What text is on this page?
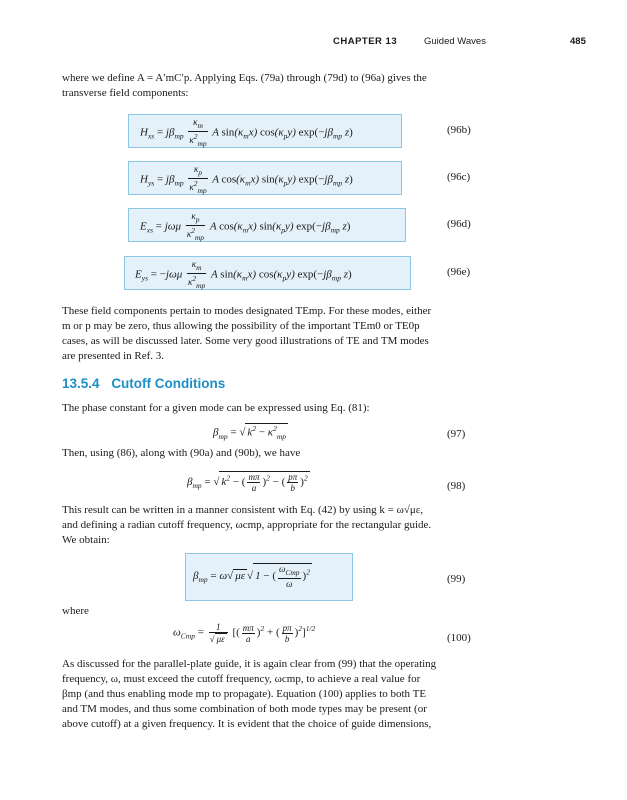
CHAPTER 13	Guided Waves	485
where we define A = A′mC′p. Applying Eqs. (79a) through (79d) to (96a) gives the
transverse field components:
$H_{xs} = j\beta_{mp} \frac{\kappa_m}{\kappa^2_{mp}}$ A $\sin(\kappa_mx)$ $\cos(\kappa_py)$ $\exp(-j\beta_{mp}$ z)	(96b)
$H_{ys} = j\beta_{mp} \frac{\kappa_p}{\kappa^2_{mp}}$ A $\cos(\kappa_mx)$ $\sin(\kappa_py)$ $\exp(-j\beta_{mp}$ z)	(96c)
$E_{xs} = j\omega\mu \frac{\kappa_p}{\kappa^2_{mp}}$ A $\cos(\kappa_mx)$ $\sin(\kappa_py)$ $\exp(-j\beta_{mp}$ z)	(96d)
$E_{ys} = -j\omega\mu \frac{\kappa_m}{\kappa^2_{mp}}$ A $\sin(\kappa_mx)$ $\cos(\kappa_py)$ $\exp(-j\beta_{mp}$ z)	(96e)
These field components pertain to modes designated TEmp. For these modes, either
m or p may be zero, thus allowing the possibility of the important TEm0 or TE0p
cases, as will be discussed later. Some very good illustrations of TE and TM modes
are presented in Ref. 3.
13.5.4 Cutoff Conditions
The phase constant for a given mode can be expressed using Eq. (81):
$\beta_{mp}$ = √ $k^2 - \kappa^2_{mp}$	(97)
Then, using (86), along with (90a) and (90b), we have
$\beta_{mp}$ = √ $k^2$ − ( $\frac{m\pi}{a} )^2$ − ( $\frac{p\pi}{b} )^2$
(98)
This result can be written in a manner consistent with Eq. (42) by using k = ω√με,
and defining a radian cutoff frequency, ωcmp, appropriate for the rectangular guide.
We obtain:
$\beta_{mp} = \omega√$ με √ 1 − ( $\frac{\omega_{Cmp}}{\omega} )^2$
(99)
where
$\omega_{Cmp} = \frac{1}{√ \mu\varepsilon}$ [( $\frac{m\pi}{a} )^2$ + ( $\frac{p\pi}{b} )^2]^{1/2}$
(100)
As discussed for the parallel-plate guide, it is again clear from (99) that the operating
frequency, ω, must exceed the cutoff frequency, ωcmp, to achieve a real value for
βmp (and thus enabling mode mp to propagate). Equation (100) applies to both TE
and TM modes, and thus some combination of both mode types may be present (or
above cutoff) at a given frequency. It is evident that the choice of guide dimensions,
